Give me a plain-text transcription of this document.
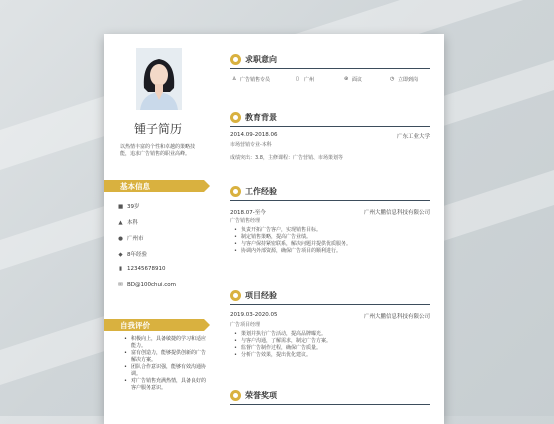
锺子简历
以热情丰富的个性和卓越的策略技能，追求广告销售的职业高峰。
基本信息
■ 39岁
▲ 本科
● 广州市
◆ 8年经验
▮ 12345678910
✉ BD@100chui.com
自我评价
• 积极向上，具备敏捷的学习和适应能力。
• 富有创造力，能够提供创新的广告解决方案。
• 团队合作意识强，能够有效沟通协调。
• 对广告销售充满热情，具备良好的客户服务意识。
求职意向
♙ 广告销售专员	▯ 广州	⊛ 面议	◷ 立即到岗
教育背景
2014.09-2018.06	广东工业大学
市场营销专业-本科
成绩突出：3.8，主修课程：广告营销、市场策划等
工作经验
2018.07-至今	广州大鹏信息科技有限公司
广告销售经理
• 负责开拓广告客户，实现销售目标。
• 制定销售策略，提高广告业绩。
• 与客户保持紧密联系，解决问题并提供优质服务。
• 协调内外部资源，确保广告项目的顺利进行。
项目经验
2019.03-2020.05	广州大鹏信息科技有限公司
广告项目经理
• 策划并执行广告活动，提高品牌曝光。
• 与客户沟通，了解需求，制定广告方案。
• 监督广告制作过程，确保广告质量。
• 分析广告效果，提出优化建议。
荣誉奖项
